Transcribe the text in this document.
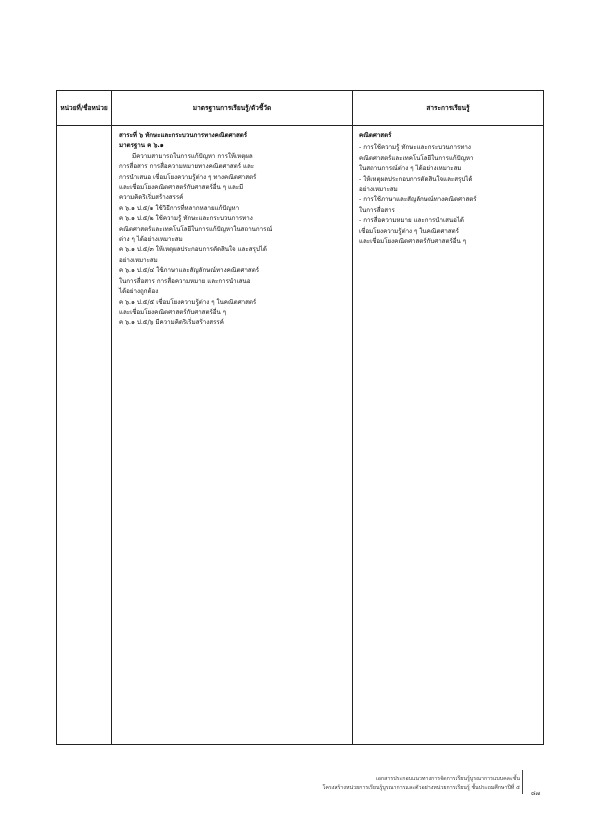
หน่วยที่/ชื่อหน่วย	มาตรฐานการเรียนรู้/ตัวชี้วัด	สาระการเรียนรู้

สาระที่ ๖ ทักษะและกระบวนการทางคณิตศาสตร์

มาตรฐาน ค ๖.๑

มีความสามารถในการแก้ปัญหา การให้เหตุผล

การสื่อสาร การสื่อความหมายทางคณิตศาสตร์ และ

การนำเสนอ เชื่อมโยงความรู้ต่าง ๆ ทางคณิตศาสตร์

และเชื่อมโยงคณิตศาสตร์กับศาสตร์อื่น ๆ และมี

ความคิดริเริ่มสร้างสรรค์

ค ๖.๑ ป.๕/๑ ใช้วิธีการที่หลากหลายแก้ปัญหา

ค ๖.๑ ป.๕/๒ ใช้ความรู้ ทักษะและกระบวนการทาง

คณิตศาสตร์และเทคโนโลยีในการแก้ปัญหาในสถานการณ์

ต่าง ๆ ได้อย่างเหมาะสม

ค ๖.๑ ป.๕/๓ ให้เหตุผลประกอบการตัดสินใจ และสรุปได้

อย่างเหมาะสม

ค ๖.๑ ป.๕/๔ ใช้ภาษาและสัญลักษณ์ทางคณิตศาสตร์

ในการสื่อสาร การสื่อความหมาย และการนำเสนอ

ได้อย่างถูกต้อง

ค ๖.๑ ป.๕/๕ เชื่อมโยงความรู้ต่าง ๆ ในคณิตศาสตร์

และเชื่อมโยงคณิตศาสตร์กับศาสตร์อื่น ๆ

ค ๖.๑ ป.๕/๖ มีความคิดริเริ่มสร้างสรรค์

คณิตศาสตร์

- การใช้ความรู้ ทักษะและกระบวนการทาง

คณิตศาสตร์และเทคโนโลยีในการแก้ปัญหา

ในสถานการณ์ต่าง ๆ ได้อย่างเหมาะสม

- ให้เหตุผลประกอบการตัดสินใจและสรุปได้

อย่างเหมาะสม

- การใช้ภาษาและสัญลักษณ์ทางคณิตศาสตร์

ในการสื่อสาร

- การสื่อความหมาย และการนำเสนอได้

เชื่อมโยงความรู้ต่าง ๆ ในคณิตศาสตร์

และเชื่อมโยงคณิตศาสตร์กับศาสตร์อื่น ๆ

เอกสารประกอบแนวทางการจัดการเรียนรู้บูรณาการแบบคละชั้น

โครงสร้างหน่วยการเรียนรู้บูรณาการและตัวอย่างหน่วยการเรียนรู้ ชั้นประถมศึกษาปีที่ ๕

๘๗
